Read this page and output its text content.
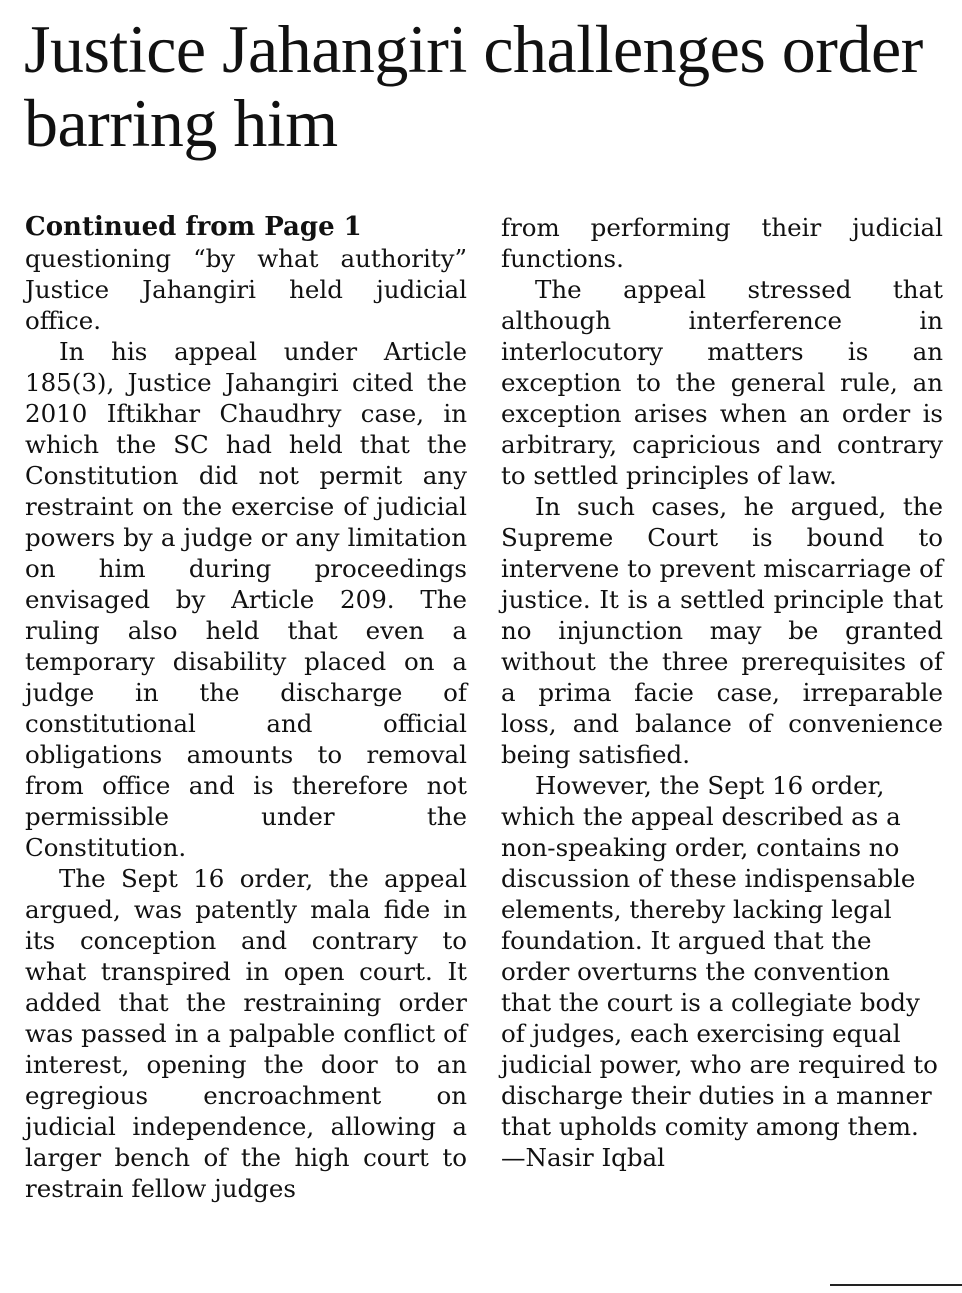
Justice Jahangiri challenges order barring him

Continued from Page 1

questioning “by what authority” Justice Jahangiri held judicial office.

In his appeal under Article 185(3), Justice Jahangiri cited the 2010 Iftikhar Chaudhry case, in which the SC had held that the Constitution did not permit any restraint on the exercise of judicial powers by a judge or any limitation on him during proceedings envisaged by Article 209. The ruling also held that even a temporary disability placed on a judge in the discharge of constitutional and official obligations amounts to removal from office and is therefore not permissible under the Constitution.

The Sept 16 order, the appeal argued, was patently mala fide in its conception and contrary to what transpired in open court. It added that the restraining order was passed in a palpable conflict of interest, opening the door to an egregious encroachment on judicial independence, allowing a larger bench of the high court to restrain fellow judges

from performing their judicial functions.

The appeal stressed that although interference in interlocutory matters is an exception to the general rule, an exception arises when an order is arbitrary, capricious and contrary to settled principles of law.

In such cases, he argued, the Supreme Court is bound to intervene to prevent miscarriage of justice. It is a settled principle that no injunction may be granted without the three prerequisites of a prima facie case, irreparable loss, and balance of convenience being satisfied.

However, the Sept 16 order, which the appeal described as a non-speaking order, contains no discussion of these indispensable elements, thereby lacking legal foundation. It argued that the order overturns the convention that the court is a collegiate body of judges, each exercising equal judicial power, who are required to discharge their duties in a manner that upholds comity among them.—Nasir Iqbal
